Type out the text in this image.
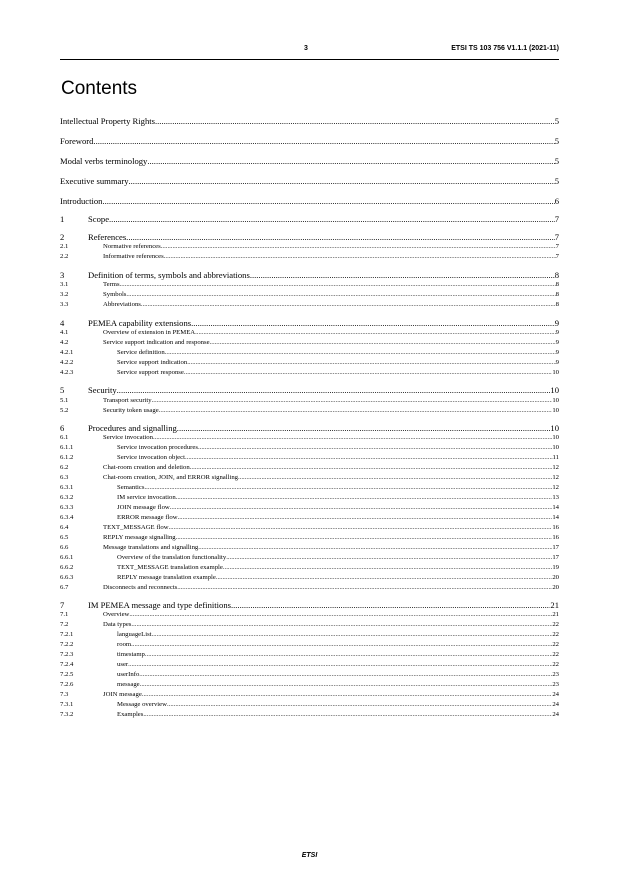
3	ETSI TS 103 756 V1.1.1 (2021-11)
Contents
Intellectual Property Rights .....	5
Foreword .....	5
Modal verbs terminology .....	5
Executive summary .....	5
Introduction .....	6
1	Scope .....	7
2	References .....	7
2.1	Normative references .....	7
2.2	Informative references .....	7
3	Definition of terms, symbols and abbreviations .....	8
3.1	Terms .....	8
3.2	Symbols .....	8
3.3	Abbreviations .....	8
4	PEMEA capability extensions .....	9
4.1	Overview of extension in PEMEA .....	9
4.2	Service support indication and response .....	9
4.2.1	Service definition .....	9
4.2.2	Service support indication .....	9
4.2.3	Service support response .....	10
5	Security .....	10
5.1	Transport security .....	10
5.2	Security token usage .....	10
6	Procedures and signalling .....	10
6.1	Service invocation .....	10
6.1.1	Service invocation procedures .....	10
6.1.2	Service invocation object .....	11
6.2	Chat-room creation and deletion .....	12
6.3	Chat-room creation, JOIN, and ERROR signalling .....	12
6.3.1	Semantics .....	12
6.3.2	IM service invocation .....	13
6.3.3	JOIN message flow .....	14
6.3.4	ERROR message flow .....	14
6.4	TEXT_MESSAGE flow .....	16
6.5	REPLY message signalling .....	16
6.6	Message translations and signalling .....	17
6.6.1	Overview of the translation functionality .....	17
6.6.2	TEXT_MESSAGE translation example .....	19
6.6.3	REPLY message translation example .....	20
6.7	Disconnects and reconnects .....	20
7	IM PEMEA message and type definitions .....	21
7.1	Overview .....	21
7.2	Data types .....	22
7.2.1	languageList .....	22
7.2.2	room .....	22
7.2.3	timestamp .....	22
7.2.4	user .....	22
7.2.5	userInfo .....	23
7.2.6	message .....	23
7.3	JOIN message .....	24
7.3.1	Message overview .....	24
7.3.2	Examples .....	24
ETSI
